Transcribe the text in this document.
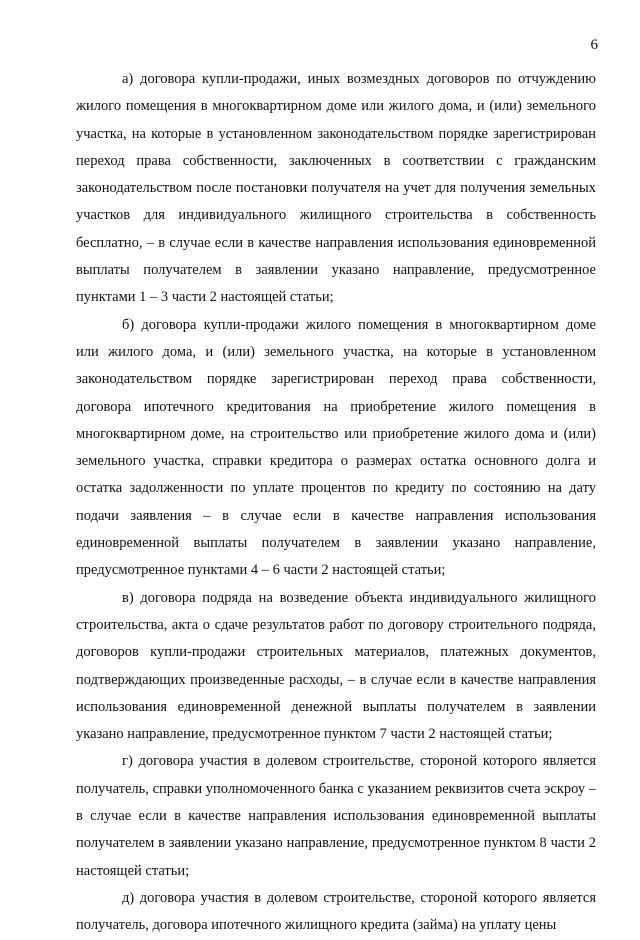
6

а) договора купли-продажи, иных возмездных договоров по отчуждению жилого помещения в многоквартирном доме или жилого дома, и (или) земельного участка, на которые в установленном законодательством порядке зарегистрирован переход права собственности, заключенных в соответствии с гражданским законодательством после постановки получателя на учет для получения земельных участков для индивидуального жилищного строительства в собственность бесплатно, – в случае если в качестве направления использования единовременной выплаты получателем в заявлении указано направление, предусмотренное пунктами 1 – 3 части 2 настоящей статьи;

б) договора купли-продажи жилого помещения в многоквартирном доме или жилого дома, и (или) земельного участка, на которые в установленном законодательством порядке зарегистрирован переход права собственности, договора ипотечного кредитования на приобретение жилого помещения в многоквартирном доме, на строительство или приобретение жилого дома и (или) земельного участка, справки кредитора о размерах остатка основного долга и остатка задолженности по уплате процентов по кредиту по состоянию на дату подачи заявления – в случае если в качестве направления использования единовременной выплаты получателем в заявлении указано направление, предусмотренное пунктами 4 – 6 части 2 настоящей статьи;

в) договора подряда на возведение объекта индивидуального жилищного строительства, акта о сдаче результатов работ по договору строительного подряда, договоров купли-продажи строительных материалов, платежных документов, подтверждающих произведенные расходы, – в случае если в качестве направления использования единовременной денежной выплаты получателем в заявлении указано направление, предусмотренное пунктом 7 части 2 настоящей статьи;

г) договора участия в долевом строительстве, стороной которого является получатель, справки уполномоченного банка с указанием реквизитов счета эскроу – в случае если в качестве направления использования единовременной выплаты получателем в заявлении указано направление, предусмотренное пунктом 8 части 2 настоящей статьи;

д) договора участия в долевом строительстве, стороной которого является получатель, договора ипотечного жилищного кредита (займа) на уплату цены
